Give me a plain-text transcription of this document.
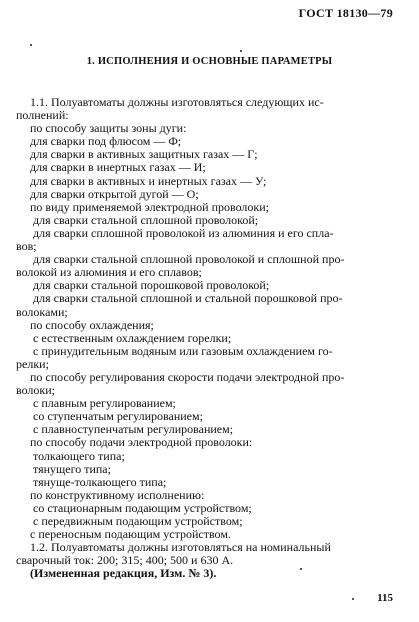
ГОСТ 18130—79
1. ИСПОЛНЕНИЯ И ОСНОВНЫЕ ПАРАМЕТРЫ
1.1. Полуавтоматы должны изготовляться следующих ис-
полнений:
по способу защиты зоны дуги:
для сварки под флюсом — Ф;
для сварки в активных защитных газах — Г;
для сварки в инертных газах — И;
для сварки в активных и инертных газах — У;
для сварки открытой дугой — О;
по виду применяемой электродной проволоки;
для сварки стальной сплошной проволокой;
для сварки сплошной проволокой из алюминия и его спла-
вов;
для сварки стальной сплошной проволокой и сплошной про-
волокой из алюминия и его сплавов;
для сварки стальной порошковой проволокой;
для сварки стальной сплошной и стальной порошковой про-
волоками;
по способу охлаждения;
с естественным охлаждением горелки;
с принудительным водяным или газовым охлаждением го-
релки;
по способу регулирования скорости подачи электродной про-
волоки;
с плавным регулированием;
со ступенчатым регулированием;
с плавноступенчатым регулированием;
по способу подачи электродной проволоки:
толкающего типа;
тянущего типа;
тянуще-толкающего типа;
по конструктивному исполнению:
со стационарным подающим устройством;
с передвижным подающим устройством;
с переносным подающим устройством.
1.2. Полуавтоматы должны изготовляться на номинальный
сварочный ток: 200; 315; 400; 500 и 630 А.
(Измененная редакция, Изм. № 3).
115
